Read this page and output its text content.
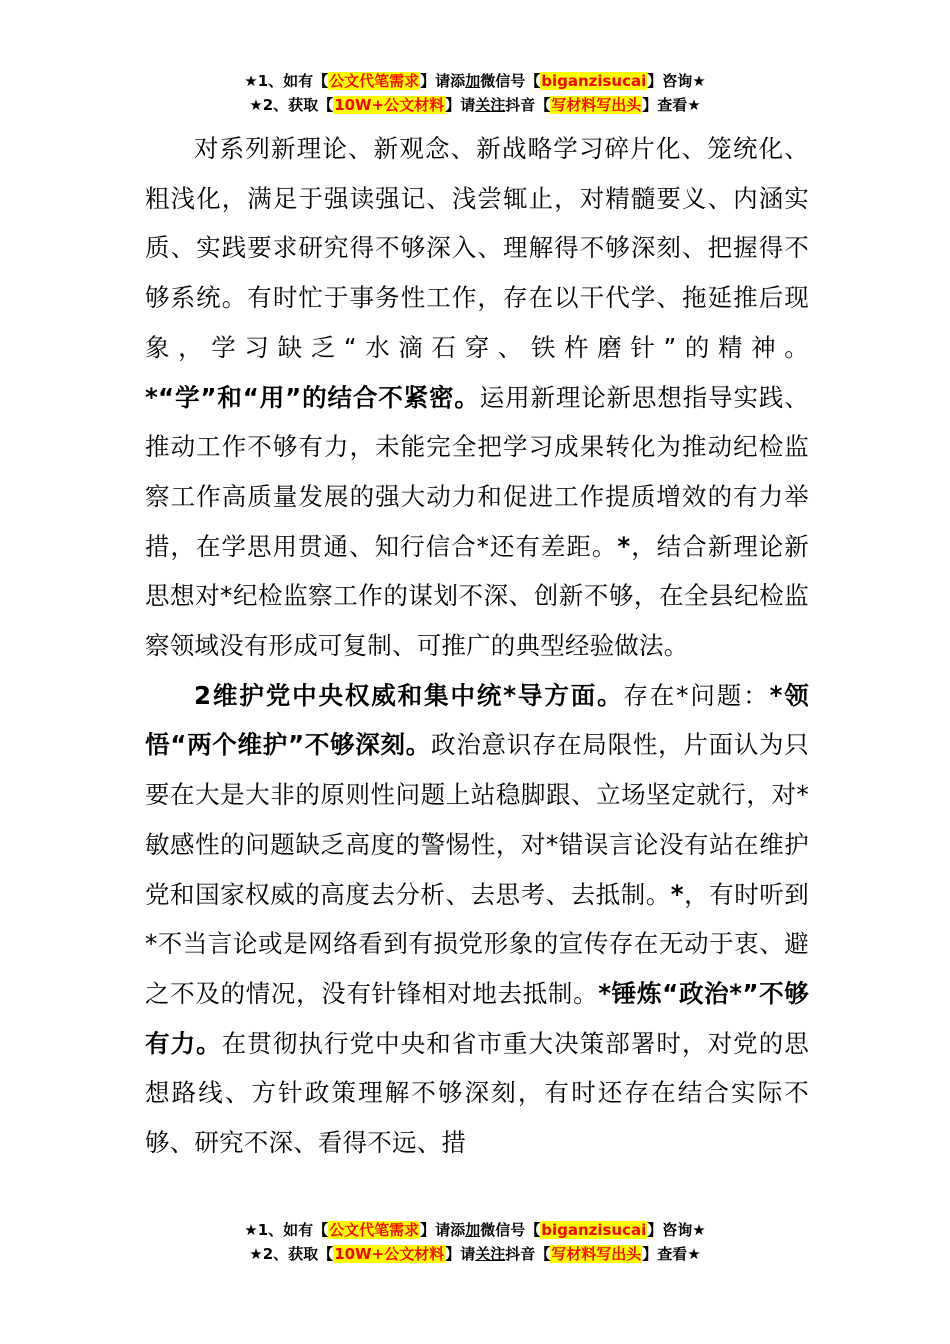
★1、如有【公文代笔需求】请添加微信号【biganzisucai】咨询★
★2、获取【10W+公文材料】请关注抖音【写材料写出头】查看★

对系列新理论、新观念、新战略学习碎片化、笼统化、粗浅化，满足于强读强记、浅尝辄止，对精髓要义、内涵实质、实践要求研究得不够深入、理解得不够深刻、把握得不够系统。有时忙于事务性工作，存在以干代学、拖延推后现象，学习缺乏“水滴石穿、铁杵磨针”的精神。*“学”和“用”的结合不紧密。运用新理论新思想指导实践、推动工作不够有力，未能完全把学习成果转化为推动纪检监察工作高质量发展的强大动力和促进工作提质增效的有力举措，在学思用贯通、知行信合*还有差距。*，结合新理论新思想对*纪检监察工作的谋划不深、创新不够，在全县纪检监察领域没有形成可复制、可推广的典型经验做法。

2维护党中央权威和集中统*导方面。存在*问题：*领悟“两个维护”不够深刻。政治意识存在局限性，片面认为只要在大是大非的原则性问题上站稳脚跟、立场坚定就行，对*敏感性的问题缺乏高度的警惕性，对*错误言论没有站在维护党和国家权威的高度去分析、去思考、去抵制。*，有时听到*不当言论或是网络看到有损党形象的宣传存在无动于衷、避之不及的情况，没有针锋相对地去抵制。*锤炼“政治*”不够有力。在贯彻执行党中央和省市重大决策部署时，对党的思想路线、方针政策理解不够深刻，有时还存在结合实际不够、研究不深、看得不远、措

★1、如有【公文代笔需求】请添加微信号【biganzisucai】咨询★
★2、获取【10W+公文材料】请关注抖音【写材料写出头】查看★
